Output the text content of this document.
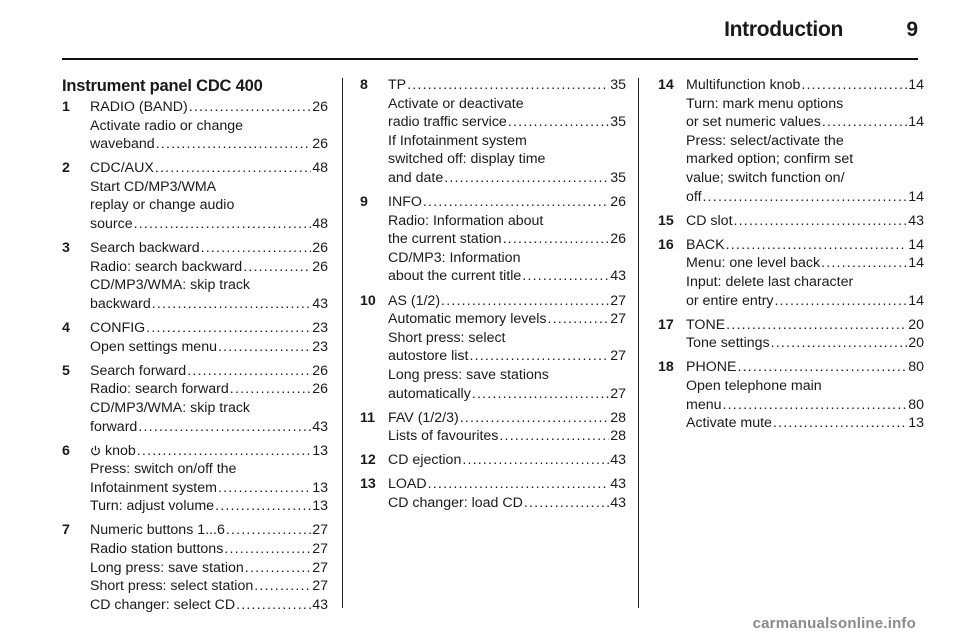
Introduction	9
Instrument panel CDC 400
1	RADIO (BAND) .....	26
Activate radio or change
waveband .....	26
2	CDC/AUX .....	48
Start CD/MP3/WMA
replay or change audio
source .....	48
3	Search backward .....	26
Radio: search backward .....	26
CD/MP3/WMA: skip track
backward .....	43
4	CONFIG .....	23
Open settings menu .....	23
5	Search forward .....	26
Radio: search forward .....	26
CD/MP3/WMA: skip track
forward .....	43
6	knob .....	13
Press: switch on/off the
Infotainment system .....	13
Turn: adjust volume .....	13
7	Numeric buttons 1...6 .....	27
Radio station buttons .....	27
Long press: save station .....	27
Short press: select station .....	27
CD changer: select CD .....	43
8	TP .....	35
Activate or deactivate
radio traffic service .....	35
If Infotainment system
switched off: display time
and date .....	35
9	INFO .....	26
Radio: Information about
the current station .....	26
CD/MP3: Information
about the current title .....	43
10 AS (1/2) .....	27
Automatic memory levels .....	27
Short press: select
autostore list .....	27
Long press: save stations
automatically .....	27
11 FAV (1/2/3) .....	28
Lists of favourites .....	28
12 CD ejection .....	43
13 LOAD .....	43
CD changer: load CD .....	43
14 Multifunction knob .....	14
Turn: mark menu options
or set numeric values .....	14
Press: select/activate the
marked option; confirm set
value; switch function on/
off .....	14
15 CD slot .....	43
16 BACK .....	14
Menu: one level back .....	14
Input: delete last character
or entire entry .....	14
17 TONE .....	20
Tone settings .....	20
18 PHONE .....	80
Open telephone main
menu .....	80
Activate mute .....	13
carmanualsonline.info
